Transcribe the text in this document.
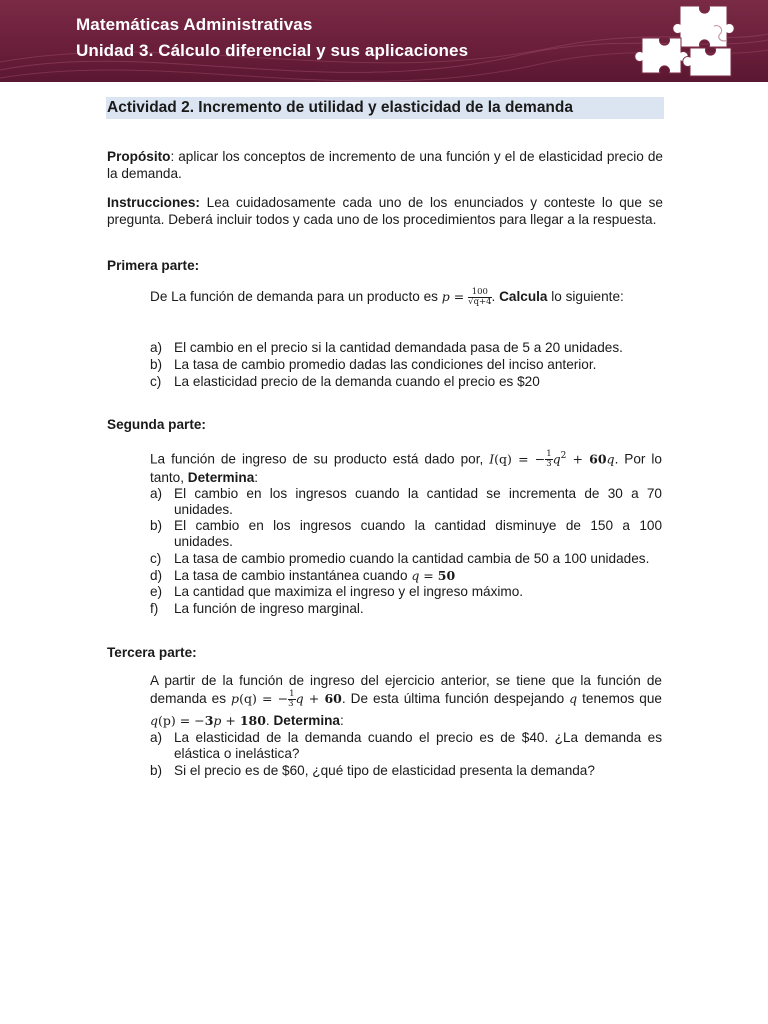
Matemáticas Administrativas
Unidad 3. Cálculo diferencial y sus aplicaciones
Actividad 2. Incremento de utilidad y elasticidad de la demanda

Propósito: aplicar los conceptos de incremento de una función y el de elasticidad precio de la demanda.

Instrucciones: Lea cuidadosamente cada uno de los enunciados y conteste lo que se pregunta. Deberá incluir todos y cada uno de los procedimientos para llegar a la respuesta.

Primera parte:

De La función de demanda para un producto es $p = \frac{100}{√q+4}$ . Calcula lo siguiente:

a) El cambio en el precio si la cantidad demandada pasa de 5 a 20 unidades.
b) La tasa de cambio promedio dadas las condiciones del inciso anterior.
c) La elasticidad precio de la demanda cuando el precio es $20

Segunda parte:

La función de ingreso de su producto está dado por, I(q) = − $\frac{1}{3} q^2 + 60q$. Por lo tanto, Determina:

a) El cambio en los ingresos cuando la cantidad se incrementa de 30 a 70
unidades.
b) El cambio en los ingresos cuando la cantidad disminuye de 150 a 100
unidades.
c) La tasa de cambio promedio cuando la cantidad cambia de 50 a 100 unidades.
d) La tasa de cambio instantánea cuando q = 50
e) La cantidad que maximiza el ingreso y el ingreso máximo.
f) La función de ingreso marginal.

Tercera parte:

A partir de la función de ingreso del ejercicio anterior, se tiene que la función de
demanda es p(q) = − $\frac{1}{3}$ q + 60. De esta última función despejando q tenemos que
q(p) = −3p + 180. Determina:
a) La elasticidad de la demanda cuando el precio es de $40. ¿La demanda es
elástica o inelástica?
b) Si el precio es de $60, ¿qué tipo de elasticidad presenta la demanda?
